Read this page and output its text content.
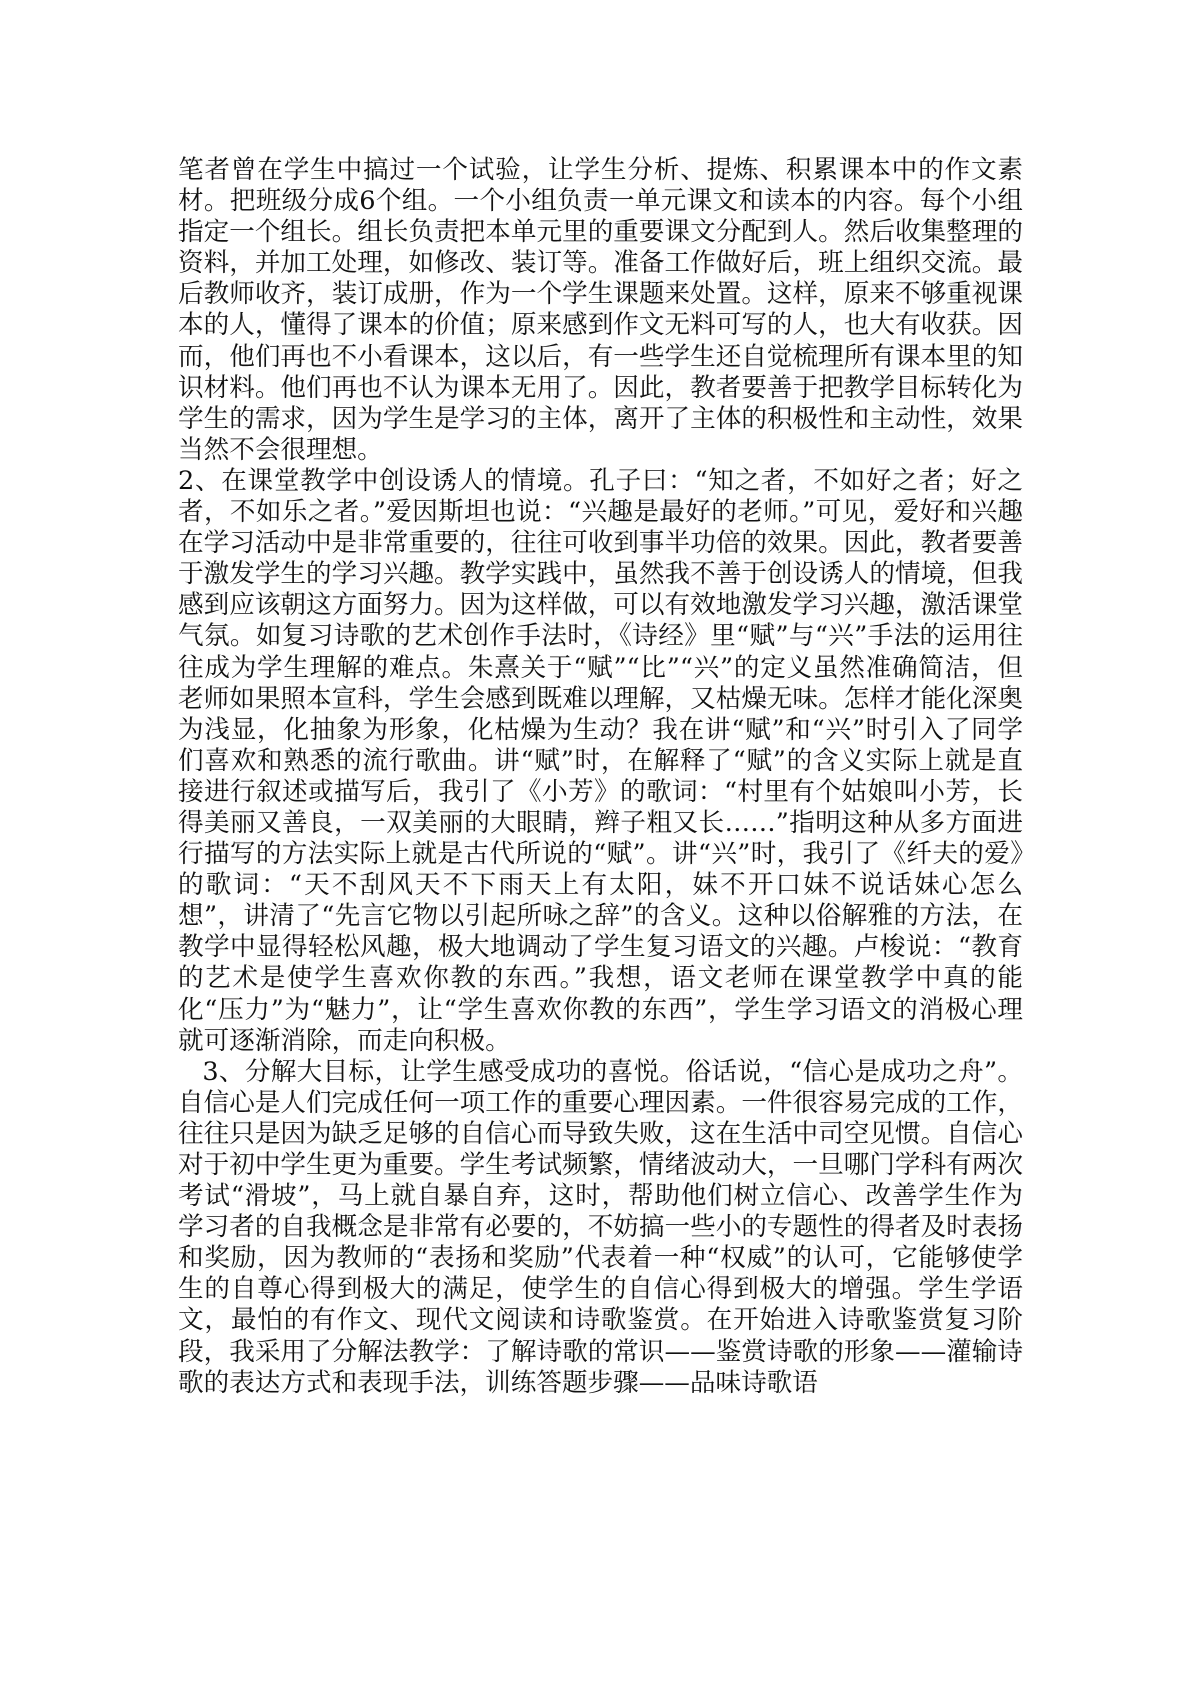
笔者曾在学生中搞过一个试验，让学生分析、提炼、积累课本中的作文素材。把班级分成6个组。一个小组负责一单元课文和读本的内容。每个小组指定一个组长。组长负责把本单元里的重要课文分配到人。然后收集整理的资料，并加工处理，如修改、装订等。准备工作做好后，班上组织交流。最后教师收齐，装订成册，作为一个学生课题来处置。这样，原来不够重视课本的人，懂得了课本的价值；原来感到作文无料可写的人，也大有收获。因而，他们再也不小看课本，这以后，有一些学生还自觉梳理所有课本里的知识材料。他们再也不认为课本无用了。因此，教者要善于把教学目标转化为学生的需求，因为学生是学习的主体，离开了主体的积极性和主动性，效果当然不会很理想。

2、在课堂教学中创设诱人的情境。孔子曰：“知之者，不如好之者；好之者，不如乐之者。”爱因斯坦也说：“兴趣是最好的老师。”可见，爱好和兴趣在学习活动中是非常重要的，往往可收到事半功倍的效果。因此，教者要善于激发学生的学习兴趣。教学实践中，虽然我不善于创设诱人的情境，但我感到应该朝这方面努力。因为这样做，可以有效地激发学习兴趣，激活课堂气氛。如复习诗歌的艺术创作手法时，《诗经》里“赋”与“兴”手法的运用往往成为学生理解的难点。朱熹关于“赋”“比”“兴”的定义虽然准确简洁，但老师如果照本宣科，学生会感到既难以理解，又枯燥无味。怎样才能化深奥为浅显，化抽象为形象，化枯燥为生动？我在讲“赋”和“兴”时引入了同学们喜欢和熟悉的流行歌曲。讲“赋”时，在解释了“赋”的含义实际上就是直接进行叙述或描写后，我引了《小芳》的歌词：“村里有个姑娘叫小芳，长得美丽又善良，一双美丽的大眼睛，辫子粗又长……”指明这种从多方面进行描写的方法实际上就是古代所说的“赋”。讲“兴”时，我引了《纤夫的爱》的歌词：“天不刮风天不下雨天上有太阳，妹不开口妹不说话妹心怎么想”，讲清了“先言它物以引起所咏之辞”的含义。这种以俗解雅的方法，在教学中显得轻松风趣，极大地调动了学生复习语文的兴趣。卢梭说：“教育的艺术是使学生喜欢你教的东西。”我想，语文老师在课堂教学中真的能化“压力”为“魅力”，让“学生喜欢你教的东西”，学生学习语文的消极心理就可逐渐消除，而走向积极。

3、分解大目标，让学生感受成功的喜悦。俗话说，“信心是成功之舟”。自信心是人们完成任何一项工作的重要心理因素。一件很容易完成的工作，往往只是因为缺乏足够的自信心而导致失败，这在生活中司空见惯。自信心对于初中学生更为重要。学生考试频繁，情绪波动大，一旦哪门学科有两次考试“滑坡”，马上就自暴自弃，这时，帮助他们树立信心、改善学生作为学习者的自我概念是非常有必要的，不妨搞一些小的专题性的得者及时表扬和奖励，因为教师的“表扬和奖励”代表着一种“权威”的认可，它能够使学生的自尊心得到极大的满足，使学生的自信心得到极大的增强。学生学语文，最怕的有作文、现代文阅读和诗歌鉴赏。在开始进入诗歌鉴赏复习阶段，我采用了分解法教学：了解诗歌的常识——鉴赏诗歌的形象——灌输诗歌的表达方式和表现手法，训练答题步骤——品味诗歌语
